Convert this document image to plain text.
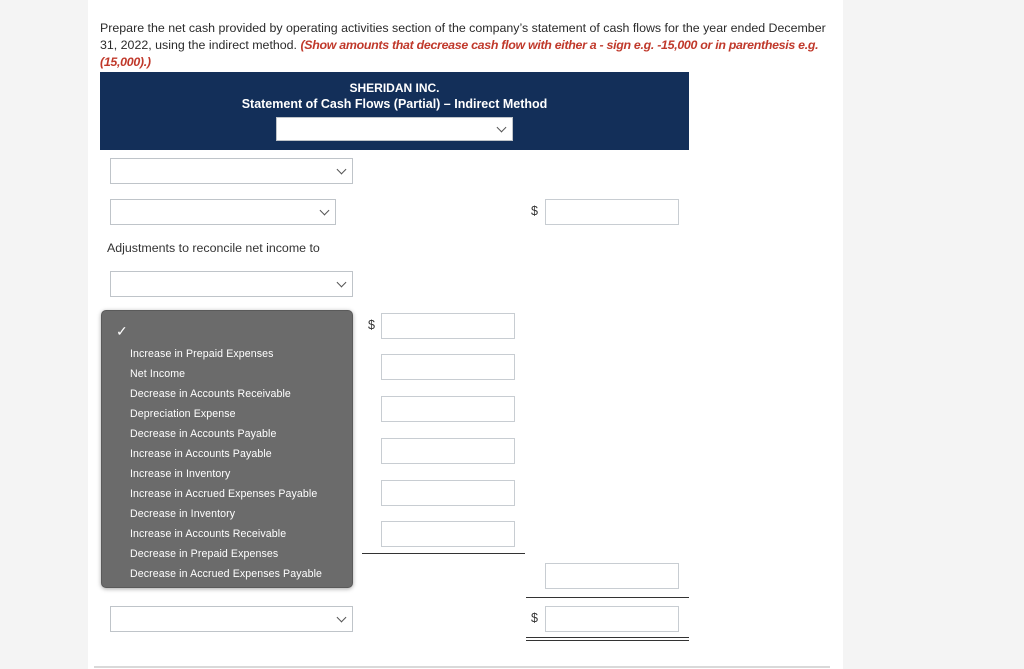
Prepare the net cash provided by operating activities section of the company’s statement of cash flows for the year ended December 31, 2022, using the indirect method. (Show amounts that decrease cash flow with either a - sign e.g. -15,000 or in parenthesis e.g. (15,000).)
SHERIDAN INC.
Statement of Cash Flows (Partial) – Indirect Method
$
Adjustments to reconcile net income to
$
$
✓
Increase in Prepaid Expenses
Net Income
Decrease in Accounts Receivable
Depreciation Expense
Decrease in Accounts Payable
Increase in Accounts Payable
Increase in Inventory
Increase in Accrued Expenses Payable
Decrease in Inventory
Increase in Accounts Receivable
Decrease in Prepaid Expenses
Decrease in Accrued Expenses Payable
